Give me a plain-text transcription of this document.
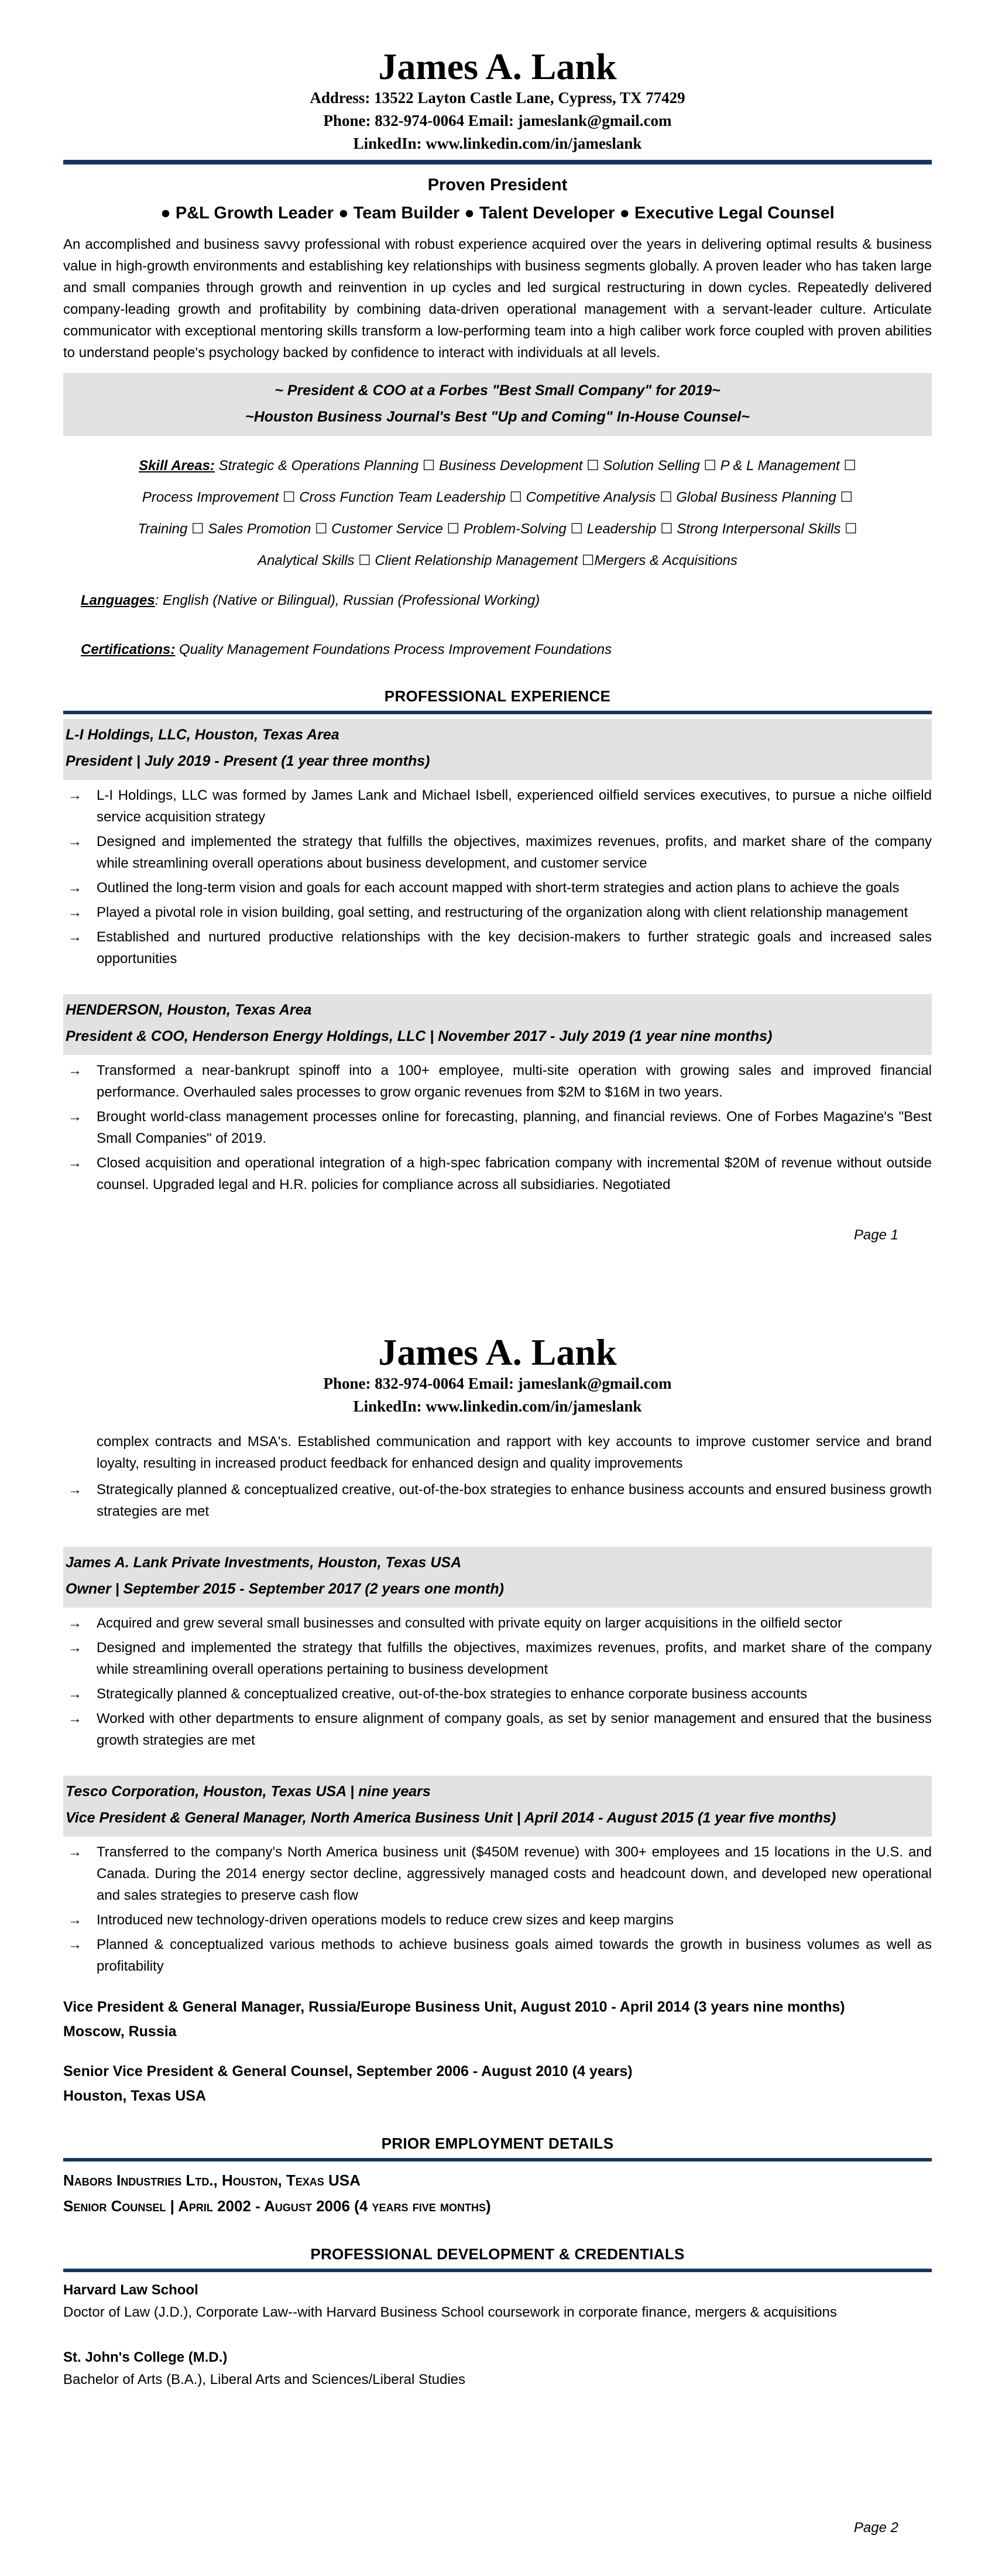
James A. Lank

Address: 13522 Layton Castle Lane, Cypress, TX 77429

Phone: 832-974-0064 Email: jameslank@gmail.com

LinkedIn: www.linkedin.com/in/jameslank

Proven President

● P&L Growth Leader ● Team Builder ● Talent Developer ● Executive Legal Counsel

An accomplished and business savvy professional with robust experience acquired over the years in delivering optimal results & business value in high-growth environments and establishing key relationships with business segments globally. A proven leader who has taken large and small companies through growth and reinvention in up cycles and led surgical restructuring in down cycles. Repeatedly delivered company-leading growth and profitability by combining data-driven operational management with a servant-leader culture. Articulate communicator with exceptional mentoring skills transform a low-performing team into a high caliber work force coupled with proven abilities to understand people's psychology backed by confidence to interact with individuals at all levels.

~ President & COO at a Forbes "Best Small Company" for 2019~

~Houston Business Journal's Best "Up and Coming" In-House Counsel~

Skill Areas: Strategic & Operations Planning ☐ Business Development ☐ Solution Selling ☐ P & L Management ☐

Process Improvement ☐ Cross Function Team Leadership ☐ Competitive Analysis ☐ Global Business Planning ☐

Training ☐ Sales Promotion ☐ Customer Service ☐ Problem-Solving ☐ Leadership ☐ Strong Interpersonal Skills ☐

Analytical Skills ☐ Client Relationship Management ☐Mergers & Acquisitions

Languages: English (Native or Bilingual), Russian (Professional Working)

Certifications: Quality Management Foundations Process Improvement Foundations

PROFESSIONAL EXPERIENCE

L-I Holdings, LLC, Houston, Texas Area

President | July 2019 - Present (1 year three months)

→	L-I Holdings, LLC was formed by James Lank and Michael Isbell, experienced oilfield services executives, to pursue a niche oilfield service acquisition strategy

→	Designed and implemented the strategy that fulfills the objectives, maximizes revenues, profits, and market share of the company while streamlining overall operations about business development, and customer service

→	Outlined the long-term vision and goals for each account mapped with short-term strategies and action plans to achieve the goals

→	Played a pivotal role in vision building, goal setting, and restructuring of the organization along with client relationship management

→	Established and nurtured productive relationships with the key decision-makers to further strategic goals and increased sales opportunities

HENDERSON, Houston, Texas Area

President & COO, Henderson Energy Holdings, LLC | November 2017 - July 2019 (1 year nine months)

→	Transformed a near-bankrupt spinoff into a 100+ employee, multi-site operation with growing sales and improved financial performance. Overhauled sales processes to grow organic revenues from $2M to $16M in two years.

→	Brought world-class management processes online for forecasting, planning, and financial reviews. One of Forbes Magazine's "Best Small Companies" of 2019.

→	Closed acquisition and operational integration of a high-spec fabrication company with incremental $20M of revenue without outside counsel. Upgraded legal and H.R. policies for compliance across all subsidiaries. Negotiated

Page 1

James A. Lank

Phone: 832-974-0064 Email: jameslank@gmail.com

LinkedIn: www.linkedin.com/in/jameslank

complex contracts and MSA's. Established communication and rapport with key accounts to improve customer service and brand loyalty, resulting in increased product feedback for enhanced design and quality improvements

→	Strategically planned & conceptualized creative, out-of-the-box strategies to enhance business accounts and ensured business growth strategies are met

James A. Lank Private Investments, Houston, Texas USA

Owner | September 2015 - September 2017 (2 years one month)

→	Acquired and grew several small businesses and consulted with private equity on larger acquisitions in the oilfield sector

→	Designed and implemented the strategy that fulfills the objectives, maximizes revenues, profits, and market share of the company while streamlining overall operations pertaining to business development

→	Strategically planned & conceptualized creative, out-of-the-box strategies to enhance corporate business accounts

→	Worked with other departments to ensure alignment of company goals, as set by senior management and ensured that the business growth strategies are met

Tesco Corporation, Houston, Texas USA | nine years

Vice President & General Manager, North America Business Unit | April 2014 - August 2015 (1 year five months)

→	Transferred to the company's North America business unit ($450M revenue) with 300+ employees and 15 locations in the U.S. and Canada. During the 2014 energy sector decline, aggressively managed costs and headcount down, and developed new operational and sales strategies to preserve cash flow

→	Introduced new technology-driven operations models to reduce crew sizes and keep margins

→	Planned & conceptualized various methods to achieve business goals aimed towards the growth in business volumes as well as profitability

Vice President & General Manager, Russia/Europe Business Unit, August 2010 - April 2014 (3 years nine months)

Moscow, Russia

Senior Vice President & General Counsel, September 2006 - August 2010 (4 years)

Houston, Texas USA

PRIOR EMPLOYMENT DETAILS

Nabors Industries Ltd., Houston, Texas USA

Senior Counsel | April 2002 - August 2006 (4 years five months)

PROFESSIONAL DEVELOPMENT & CREDENTIALS

Harvard Law School

Doctor of Law (J.D.), Corporate Law--with Harvard Business School coursework in corporate finance, mergers & acquisitions

St. John's College (M.D.)

Bachelor of Arts (B.A.), Liberal Arts and Sciences/Liberal Studies

Page 2
